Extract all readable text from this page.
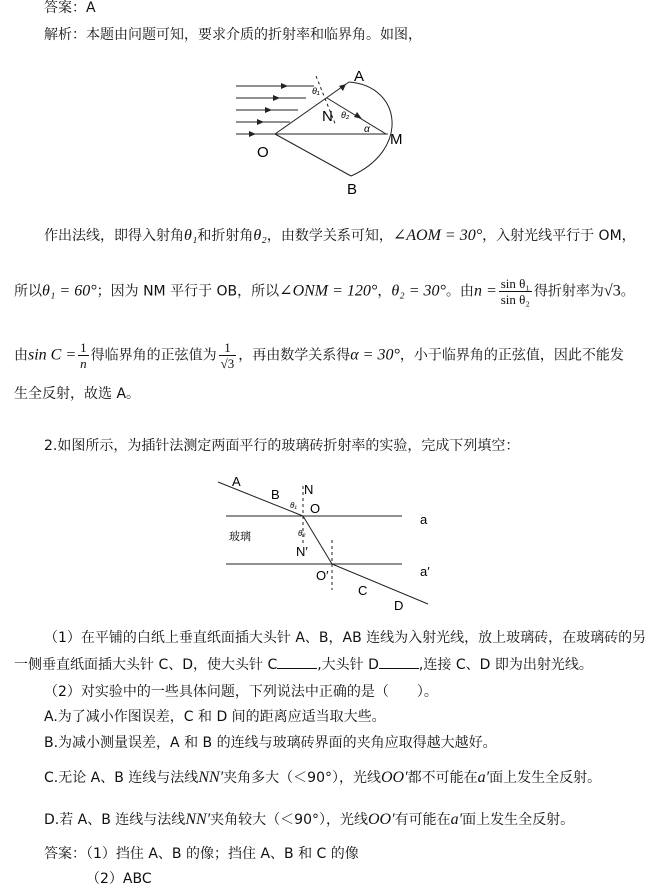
答案：A
解析：本题由问题可知，要求介质的折射率和临界角。如图，
A
N
M
O
B
θ₁
θ₂
α
作出法线，即得入射角θ₁和折射角θ₂，由数学关系可知，∠AOM = 30°，入射光线平行于 OM，
所以θ₁ = 60°；因为 NM 平行于 OB，所以∠ONM = 120°，θ₂ = 30°。由$n = \frac{\text{sin θ₁}}{\text{sin θ₂}}$ 得折射率为√3。
由$\sin C = \frac{1}{n}$ 得临界角的正弦值为 $\frac{1}{√3}$ ，再由数学关系得α = 30°，小于临界角的正弦值，因此不能发
生全反射，故选 A。
2.如图所示，为插针法测定两面平行的玻璃砖折射率的实验，完成下列填空：
A
B N
O
玻璃
a
N′
O′	a′
C
D
θ₁
θ₂
（1）在平铺的白纸上垂直纸面插大头针 A、B，AB 连线为入射光线，放上玻璃砖，在玻璃砖的另
一侧垂直纸面插大头针 C、D，使大头针 C	,大头针 D	,连接 C、D 即为出射光线。
（2）对实验中的一些具体问题，下列说法中正确的是（　　）。
A.为了减小作图误差，C 和 D 间的距离应适当取大些。
B.为减小测量误差，A 和 B 的连线与玻璃砖界面的夹角应取得越大越好。
C.无论 A、B 连线与法线NN′夹角多大（＜90°），光线OO′都不可能在a′面上发生全反射。
D.若 A、B 连线与法线NN′夹角较大（＜90°），光线OO′有可能在a′面上发生全反射。
答案：（1）挡住 A、B 的像；挡住 A、B 和 C 的像
（2）ABC
